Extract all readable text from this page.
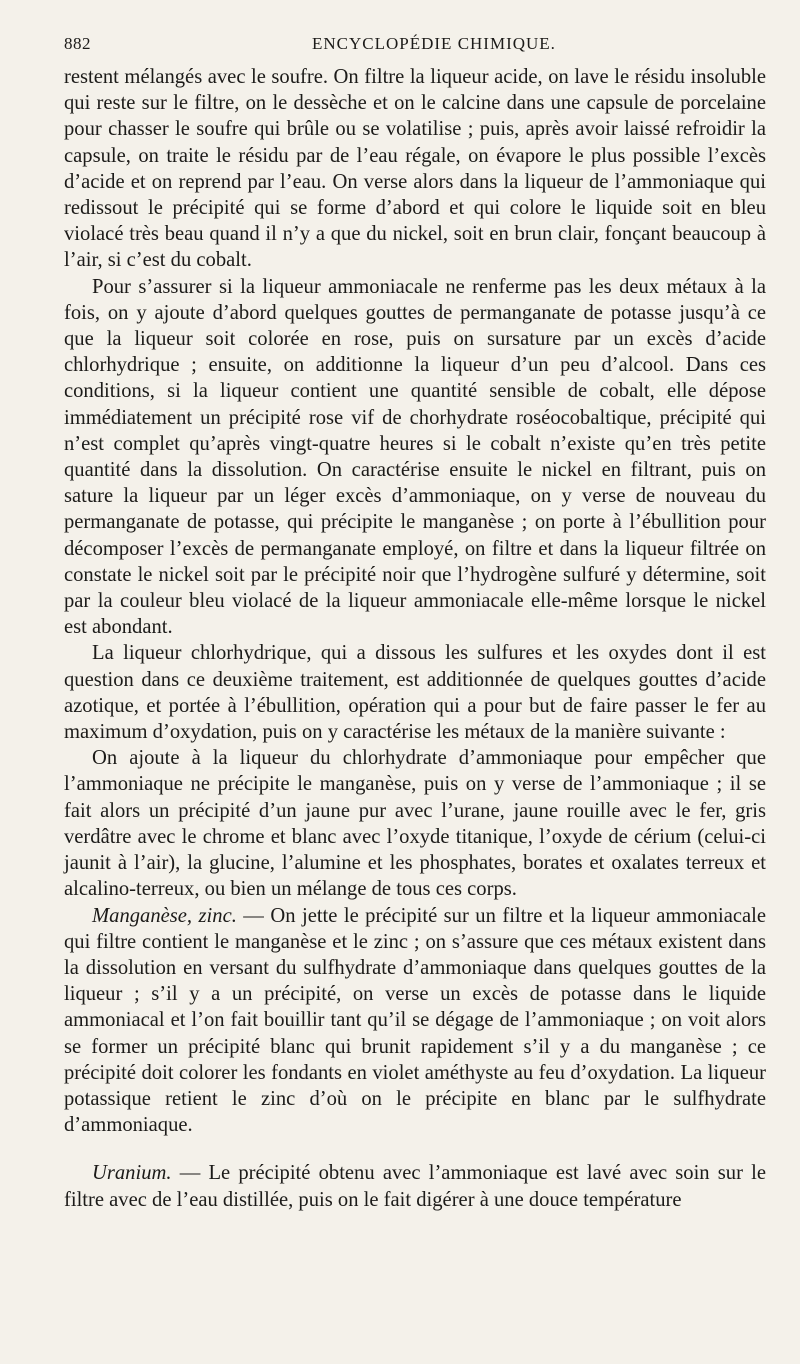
882	ENCYCLOPÉDIE CHIMIQUE.

restent mélangés avec le soufre. On filtre la liqueur acide, on lave le résidu insoluble qui reste sur le filtre, on le dessèche et on le calcine dans une capsule de porcelaine pour chasser le soufre qui brûle ou se volatilise ; puis, après avoir laissé refroidir la capsule, on traite le résidu par de l’eau régale, on évapore le plus possible l’excès d’acide et on reprend par l’eau. On verse alors dans la liqueur de l’ammoniaque qui redissout le précipité qui se forme d’abord et qui colore le liquide soit en bleu violacé très beau quand il n’y a que du nickel, soit en brun clair, fonçant beaucoup à l’air, si c’est du cobalt.

Pour s’assurer si la liqueur ammoniacale ne renferme pas les deux métaux à la fois, on y ajoute d’abord quelques gouttes de permanganate de potasse jusqu’à ce que la liqueur soit colorée en rose, puis on sursature par un excès d’acide chlorhydrique ; ensuite, on additionne la liqueur d’un peu d’alcool. Dans ces conditions, si la liqueur contient une quantité sensible de cobalt, elle dépose immédiatement un précipité rose vif de chorhydrate roséocobaltique, précipité qui n’est complet qu’après vingt-quatre heures si le cobalt n’existe qu’en très petite quantité dans la dissolution. On caractérise ensuite le nickel en filtrant, puis on sature la liqueur par un léger excès d’ammoniaque, on y verse de nouveau du permanganate de potasse, qui précipite le manganèse ; on porte à l’ébullition pour décomposer l’excès de permanganate employé, on filtre et dans la liqueur filtrée on constate le nickel soit par le précipité noir que l’hydrogène sulfuré y détermine, soit par la couleur bleu violacé de la liqueur ammoniacale elle-même lorsque le nickel est abondant.

La liqueur chlorhydrique, qui a dissous les sulfures et les oxydes dont il est question dans ce deuxième traitement, est additionnée de quelques gouttes d’acide azotique, et portée à l’ébullition, opération qui a pour but de faire passer le fer au maximum d’oxydation, puis on y caractérise les métaux de la manière suivante :

On ajoute à la liqueur du chlorhydrate d’ammoniaque pour empêcher que l’ammoniaque ne précipite le manganèse, puis on y verse de l’ammoniaque ; il se fait alors un précipité d’un jaune pur avec l’urane, jaune rouille avec le fer, gris verdâtre avec le chrome et blanc avec l’oxyde titanique, l’oxyde de cérium (celui-ci jaunit à l’air), la glucine, l’alumine et les phosphates, borates et oxalates terreux et alcalino-terreux, ou bien un mélange de tous ces corps.

Manganèse, zinc. — On jette le précipité sur un filtre et la liqueur ammoniacale qui filtre contient le manganèse et le zinc ; on s’assure que ces métaux existent dans la dissolution en versant du sulfhydrate d’ammoniaque dans quelques gouttes de la liqueur ; s’il y a un précipité, on verse un excès de potasse dans le liquide ammoniacal et l’on fait bouillir tant qu’il se dégage de l’ammoniaque ; on voit alors se former un précipité blanc qui brunit rapidement s’il y a du manganèse ; ce précipité doit colorer les fondants en violet améthyste au feu d’oxydation. La liqueur potassique retient le zinc d’où on le précipite en blanc par le sulfhydrate d’ammoniaque.

Uranium. — Le précipité obtenu avec l’ammoniaque est lavé avec soin sur le filtre avec de l’eau distillée, puis on le fait digérer à une douce température
